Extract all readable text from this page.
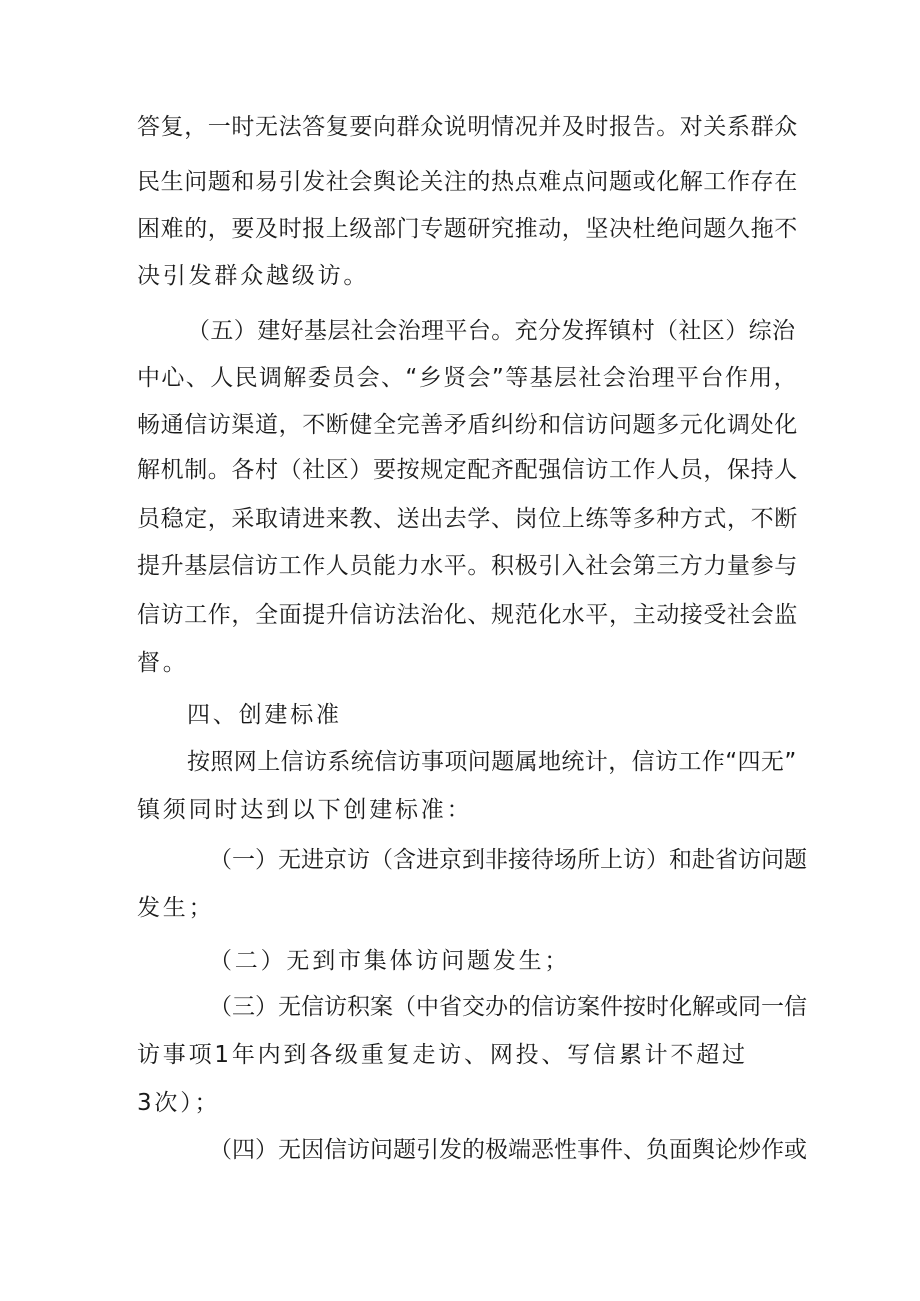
答复，一时无法答复要向群众说明情况并及时报告。对关系群众
民生问题和易引发社会舆论关注的热点难点问题或化解工作存在
困难的，要及时报上级部门专题研究推动，坚决杜绝问题久拖不
决引发群众越级访。
（五）建好基层社会治理平台。充分发挥镇村（社区）综治
中心、人民调解委员会、“乡贤会”等基层社会治理平台作用，
畅通信访渠道，不断健全完善矛盾纠纷和信访问题多元化调处化
解机制。各村（社区）要按规定配齐配强信访工作人员，保持人
员稳定，采取请进来教、送出去学、岗位上练等多种方式，不断
提升基层信访工作人员能力水平。积极引入社会第三方力量参与
信访工作，全面提升信访法治化、规范化水平，主动接受社会监
督。
四、创建标准
按照网上信访系统信访事项问题属地统计，信访工作“四无”
镇须同时达到以下创建标准：
（一）无进京访（含进京到非接待场所上访）和赴省访问题
发生；
（二）无到市集体访问题发生；
（三）无信访积案（中省交办的信访案件按时化解或同一信
访事项1年内到各级重复走访、网投、写信累计不超过
3次）；
（四）无因信访问题引发的极端恶性事件、负面舆论炒作或
